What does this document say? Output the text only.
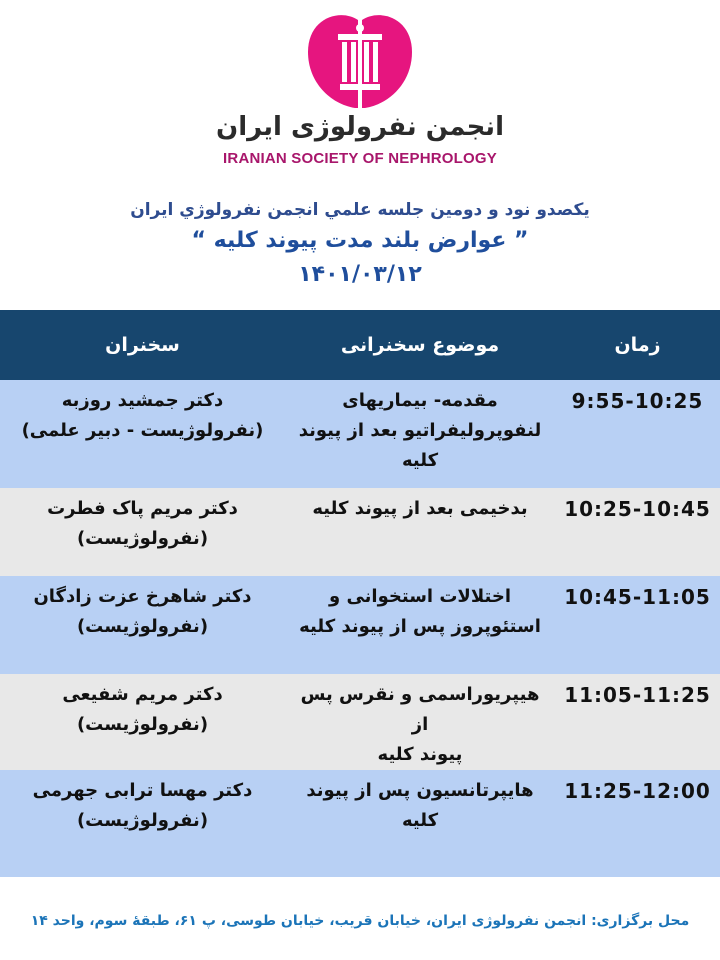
انجمن نفرولوژی ایران
IRANIAN SOCIETY OF NEPHROLOGY
يكصدو نود و دومین جلسه علمي انجمن نفرولوژي ايران
” عوارض بلند مدت پیوند کلیه “
۱۴۰۱/۰۳/۱۲
زمان
موضوع سخنرانی
سخنران
9:55-10:25
مقدمه- بیماریهای
لنفوپرولیفراتیو بعد از پیوند
کلیه
دکتر جمشید روزبه
(نفرولوژیست - دبیر علمی)
10:25-10:45
بدخیمی بعد از پیوند کلیه
دکتر مریم پاک فطرت
(نفرولوژیست)
10:45-11:05
اختلالات استخوانی و
استئوپروز پس از پیوند کلیه
دکتر شاهرخ عزت زادگان
(نفرولوژیست)
11:05-11:25
هیپریوراسمی و نقرس پس از
پیوند کلیه
دکتر مریم شفیعی
(نفرولوژیست)
11:25-12:00
هایپرتانسیون پس از پیوند
کلیه
دکتر مهسا ترابی جهرمی
(نفرولوژیست)
محل برگزاری: انجمن نفرولوژی ایران، خیابان قریب، خیابان طوسی، پ ۶۱، طبقهٔ سوم، واحد ۱۴
